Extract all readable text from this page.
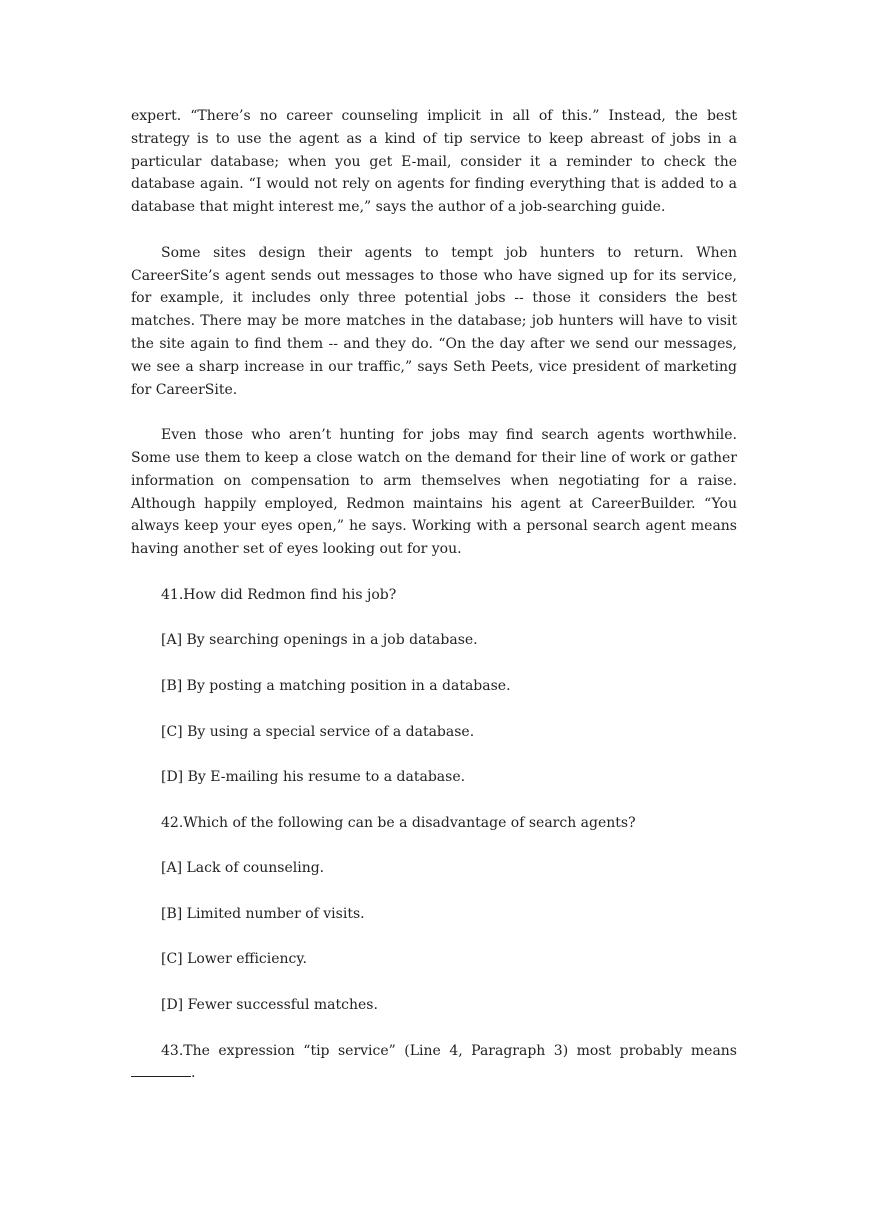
expert. “There’s no career counseling implicit in all of this.” Instead, the best strategy is to use the agent as a kind of tip service to keep abreast of jobs in a particular database; when you get E-mail, consider it a reminder to check the database again. “I would not rely on agents for finding everything that is added to a database that might interest me,” says the author of a job-searching guide.

Some sites design their agents to tempt job hunters to return. When CareerSite’s agent sends out messages to those who have signed up for its service, for example, it includes only three potential jobs -- those it considers the best matches. There may be more matches in the database; job hunters will have to visit the site again to find them -- and they do. “On the day after we send our messages, we see a sharp increase in our traffic,” says Seth Peets, vice president of marketing for CareerSite.

Even those who aren’t hunting for jobs may find search agents worthwhile. Some use them to keep a close watch on the demand for their line of work or gather information on compensation to arm themselves when negotiating for a raise. Although happily employed, Redmon maintains his agent at CareerBuilder. “You always keep your eyes open,” he says. Working with a personal search agent means having another set of eyes looking out for you.

41.How did Redmon find his job?

[A] By searching openings in a job database.

[B] By posting a matching position in a database.

[C] By using a special service of a database.

[D] By E-mailing his resume to a database.

42.Which of the following can be a disadvantage of search agents?

[A] Lack of counseling.

[B] Limited number of visits.

[C] Lower efficiency.

[D] Fewer successful matches.

43.The expression “tip service” (Line 4, Paragraph 3) most probably means .
